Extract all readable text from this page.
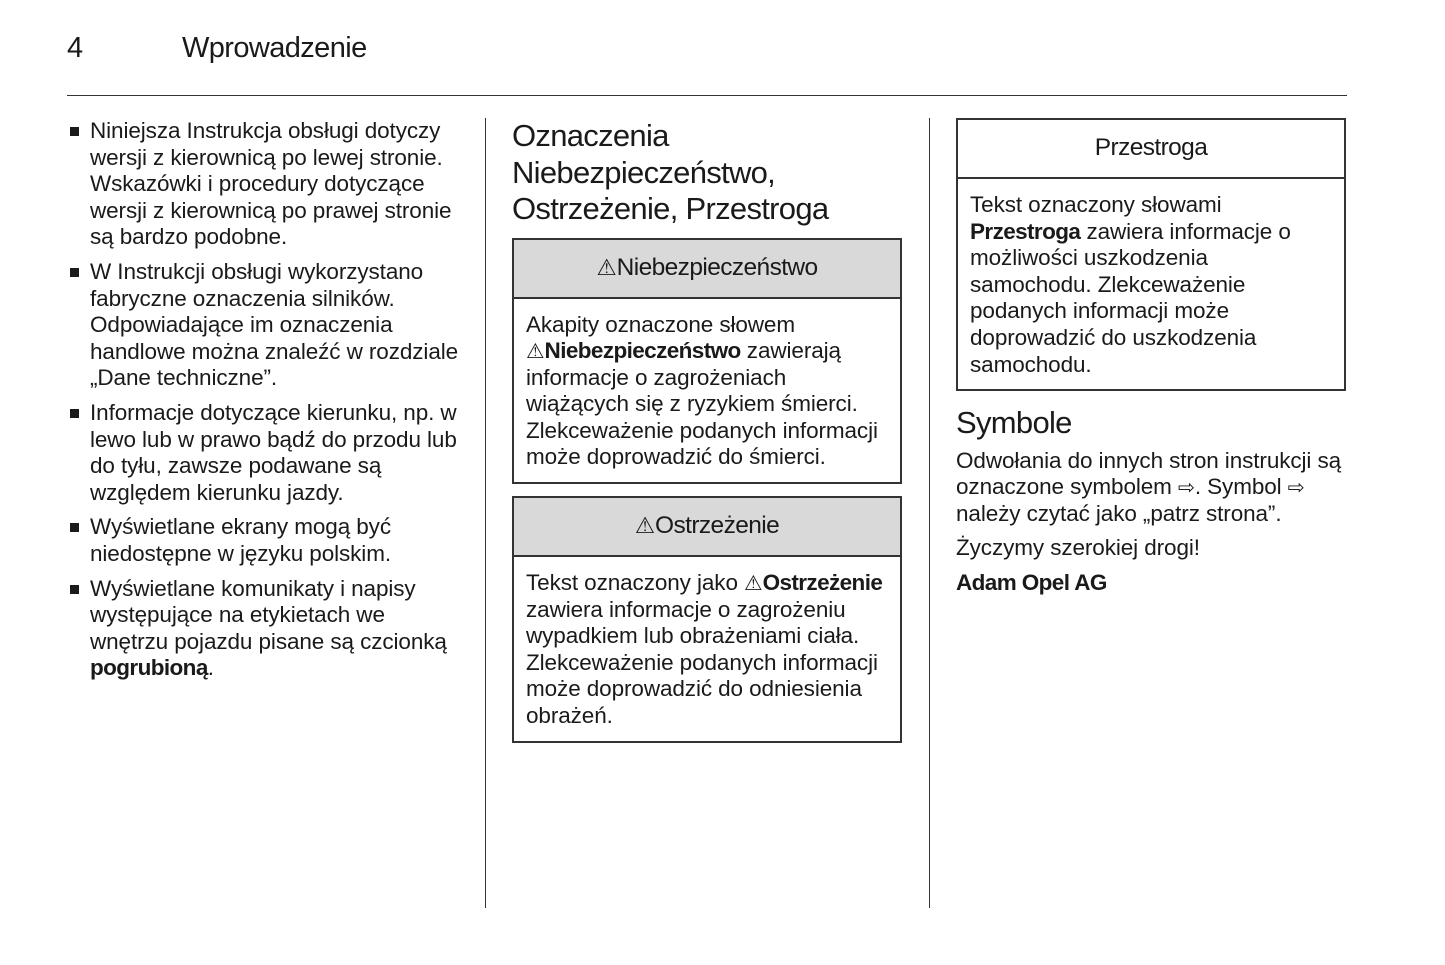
4	Wprowadzenie
Niniejsza Instrukcja obsługi dotyczy wersji z kierownicą po lewej stronie. Wskazówki i procedury dotyczące wersji z kierownicą po prawej stronie są bardzo podobne.
W Instrukcji obsługi wykorzystano fabryczne oznaczenia silników. Odpowiadające im oznaczenia handlowe można znaleźć w rozdziale „Dane techniczne”.
Informacje dotyczące kierunku, np. w lewo lub w prawo bądź do przodu lub do tyłu, zawsze podawane są względem kierunku jazdy.
Wyświetlane ekrany mogą być niedostępne w języku polskim.
Wyświetlane komunikaty i napisy występujące na etykietach we wnętrzu pojazdu pisane są czcionką pogrubioną.
Oznaczenia
Niebezpieczeństwo,
Ostrzeżenie, Przestroga
⚠ Niebezpieczeństwo
Akapity oznaczone słowem ⚠Niebezpieczeństwo zawierają informacje o zagrożeniach wiążących się z ryzykiem śmierci. Zlekceważenie podanych informacji może doprowadzić do śmierci.
⚠ Ostrzeżenie
Tekst oznaczony jako ⚠Ostrzeżenie zawiera informacje o zagrożeniu wypadkiem lub obrażeniami ciała. Zlekceważenie podanych informacji może doprowadzić do odniesienia obrażeń.
Przestroga
Tekst oznaczony słowami Przestroga zawiera informacje o możliwości uszkodzenia samochodu. Zlekceważenie podanych informacji może doprowadzić do uszkodzenia samochodu.
Symbole

Odwołania do innych stron instrukcji są oznaczone symbolem ⇨. Symbol ⇨ należy czytać jako „patrz strona”.

Życzymy szerokiej drogi!

Adam Opel AG
